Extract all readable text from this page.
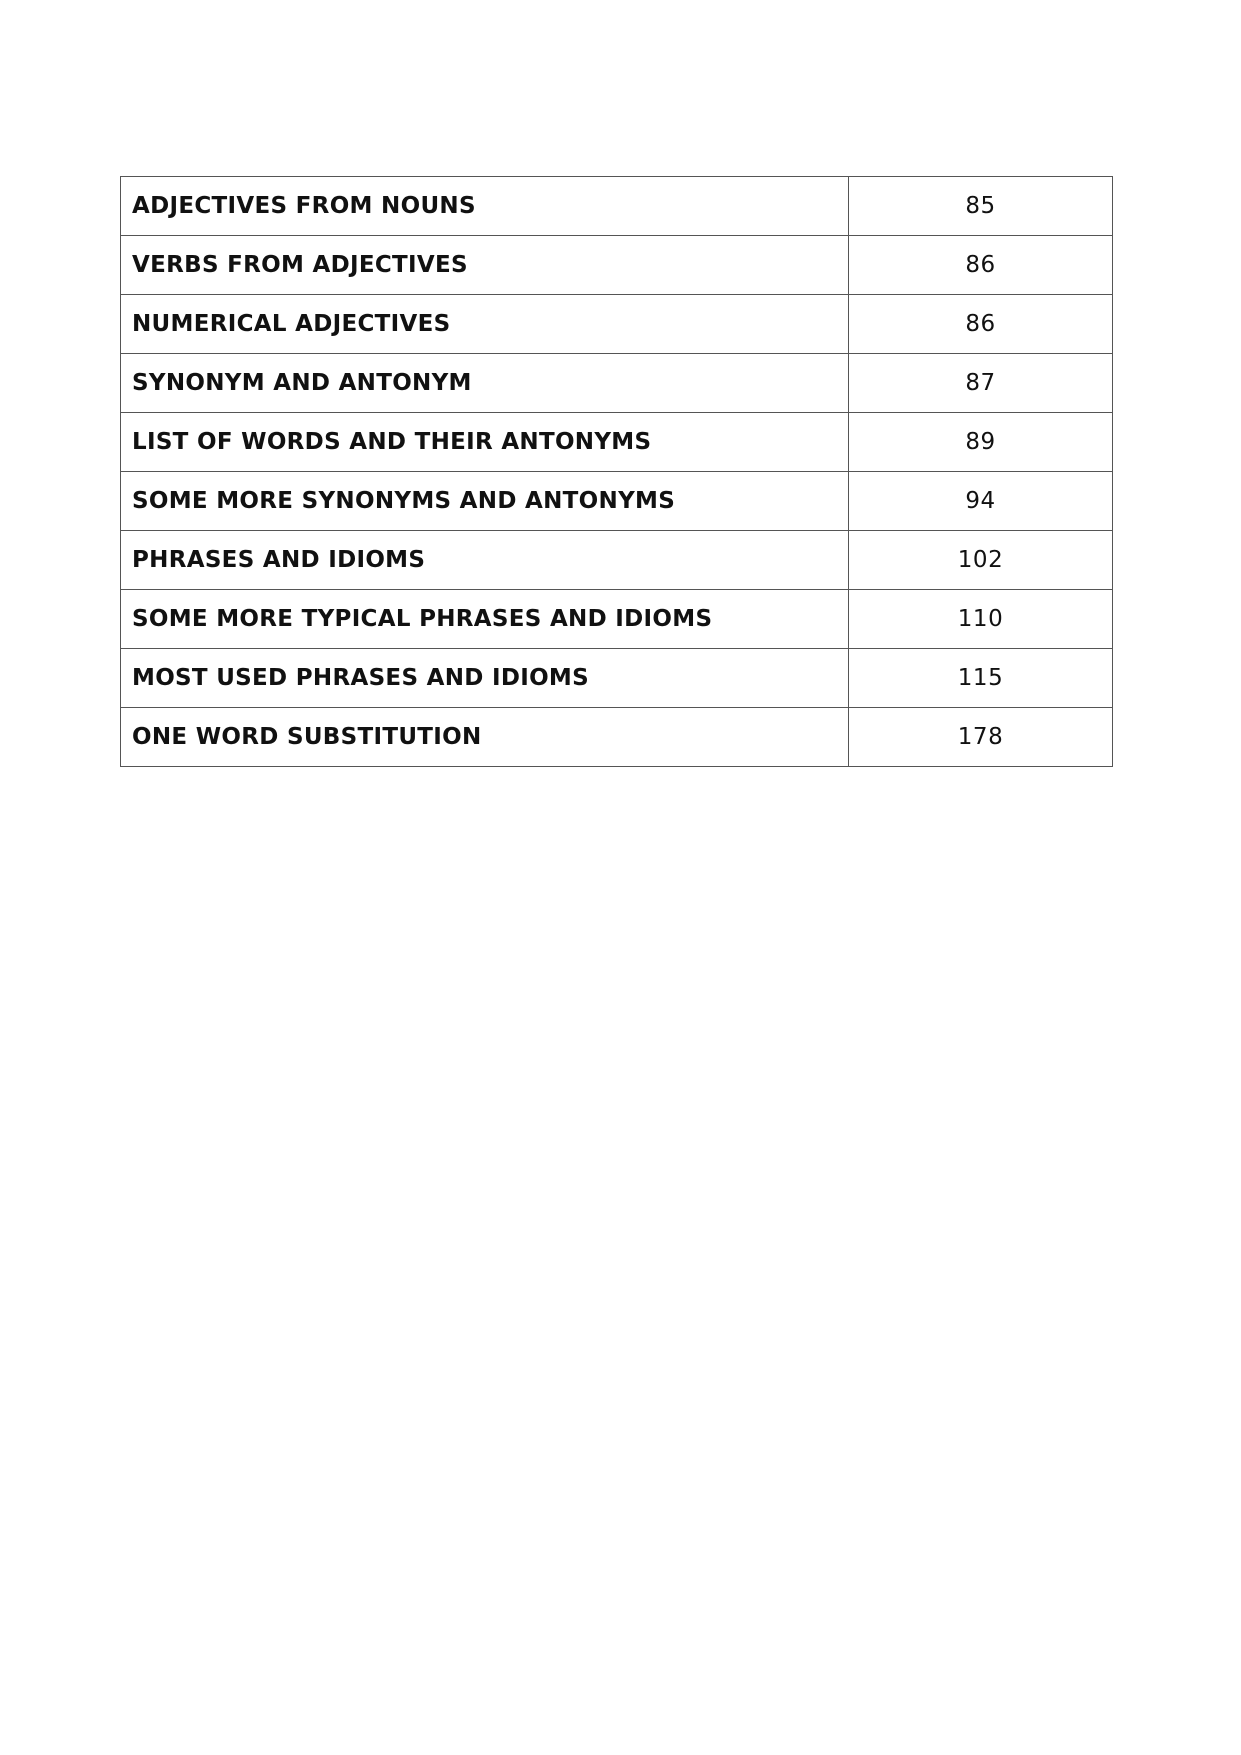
ADJECTIVES FROM NOUNS	85
VERBS FROM ADJECTIVES	86
NUMERICAL ADJECTIVES	86
SYNONYM AND ANTONYM	87
LIST OF WORDS AND THEIR ANTONYMS	89
SOME MORE SYNONYMS AND ANTONYMS	94
PHRASES AND IDIOMS	102
SOME MORE TYPICAL PHRASES AND IDIOMS	110
MOST USED PHRASES AND IDIOMS	115
ONE WORD SUBSTITUTION	178
